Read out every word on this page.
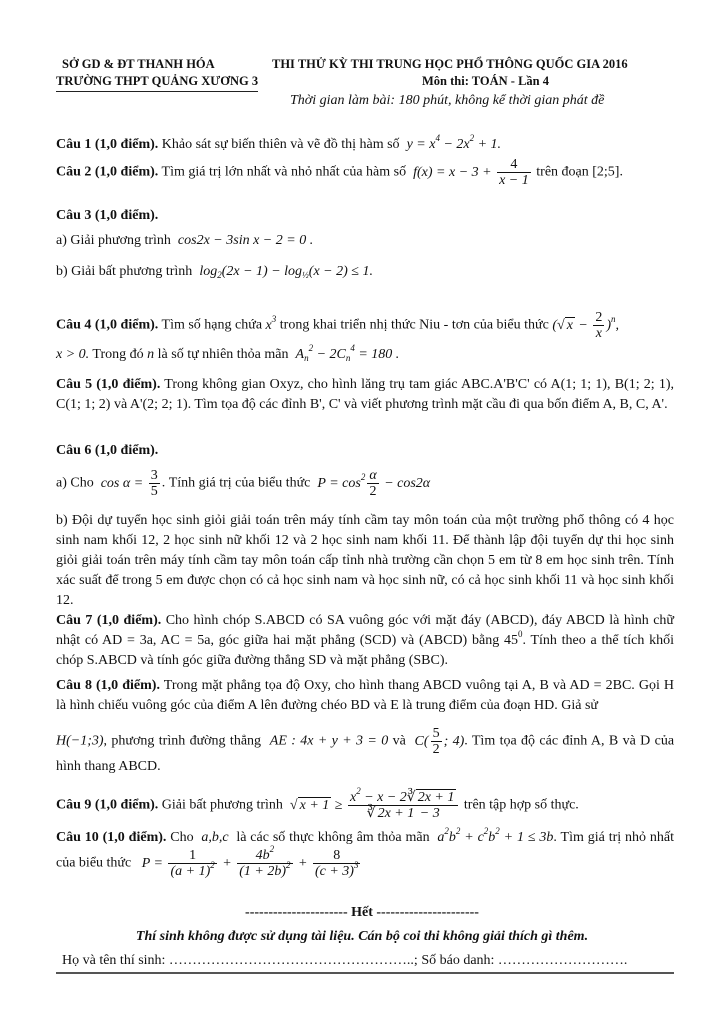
SỞ GD & ĐT THANH HÓA
TRƯỜNG THPT QUẢNG XƯƠNG 3
THI THỬ KỲ THI TRUNG HỌC PHỔ THÔNG QUỐC GIA 2016
Môn thi: TOÁN - Lần 4
Thời gian làm bài: 180 phút, không kể thời gian phát đề
Câu 1 (1,0 điểm). Khảo sát sự biến thiên và vẽ đồ thị hàm số  $y = x^4 - 2x^2 + 1$.
Câu 2 (1,0 điểm). Tìm giá trị lớn nhất và nhỏ nhất của hàm số  $f(x) = x - 3 + \frac{4}{x - 1}$ trên đoạn [2;5].
Câu 3 (1,0 điểm).
a) Giải phương trình  cos2x − 3sin x − 2 = 0 .
b) Giải bất phương trình  $\log_2(2x - 1) - \log_{\frac{1}{2}}(x - 2) \le 1$.
Câu 4 (1,0 điểm). Tìm số hạng chứa $x^3$ trong khai triển nhị thức Niu - tơn của biểu thức (√ $x - \frac{2}{x} )^n$,
x > 0. Trong đó n là số tự nhiên thỏa mãn  $A_n^2 - 2C_n^4 = 180$ .
Câu 5 (1,0 điểm). Trong không gian Oxyz, cho hình lăng trụ tam giác ABC.A'B'C' có A(1; 1; 1), B(1; 2; 1), C(1; 1; 2) và A'(2; 2; 1). Tìm tọa độ các đỉnh B', C' và viết phương trình mặt cầu đi qua bốn điểm A, B, C, A'.
Câu 6 (1,0 điểm).
a) Cho  $\cos \alpha = \frac{3}{5}$ . Tính giá trị của biểu thức  $P = \cos^2 \frac{\alpha}{2} - \cos 2\alpha$
b) Đội dự tuyển học sinh giỏi giải toán trên máy tính cầm tay môn toán của một trường phổ thông có 4 học sinh nam khối 12, 2 học sinh nữ khối 12 và 2 học sinh nam khối 11. Để thành lập đội tuyển dự thi học sinh giỏi giải toán trên máy tính cầm tay môn toán cấp tỉnh nhà trường cần chọn 5 em từ 8 em học sinh trên. Tính xác suất để trong 5 em được chọn có cả học sinh nam và học sinh nữ, có cả học sinh khối 11 và học sinh khối 12.
Câu 7 (1,0 điểm). Cho hình chóp S.ABCD có SA vuông góc với mặt đáy (ABCD), đáy ABCD là hình chữ nhật có AD = 3a, AC = 5a, góc giữa hai mặt phẳng (SCD) và (ABCD) bằng $45^0$. Tính theo a thể tích khối chóp S.ABCD và tính góc giữa đường thẳng SD và mặt phẳng (SBC).
Câu 8 (1,0 điểm). Trong mặt phẳng tọa độ Oxy, cho hình thang ABCD vuông tại A, B và AD = 2BC. Gọi H là hình chiếu vuông góc của điểm A lên đường chéo BD và E là trung điểm của đoạn HD. Giả sử
H(−1;3), phương trình đường thẳng  AE : 4x + y + 3 = 0 và  $C( \frac{5}{2}$ ; 4). Tìm tọa độ các đỉnh A, B và D của hình thang ABCD.
Câu 9 (1,0 điểm). Giải bất phương trình  √ $x + 1 \ge \frac{x^2 - x - 2∛ 2x + 1}{∛ 2x + 1 - 3}$ trên tập hợp số thực.
Câu 10 (1,0 điểm). Cho  a,b,c  là các số thực không âm thỏa mãn  $a^2b^2 + c^2b^2 + 1 \le 3b$. Tìm giá trị nhỏ nhất của biểu thức   $P = \frac{1}{(a + 1)^2} + \frac{4b^2}{(1 + 2b)^2} + \frac{8}{(c + 3)^3}$
---------------------- Hết ----------------------
Thí sinh không được sử dụng tài liệu. Cán bộ coi thi không giải thích gì thêm.
Họ và tên thí sinh: ……………………………………………..; Số báo danh: ……………………….
